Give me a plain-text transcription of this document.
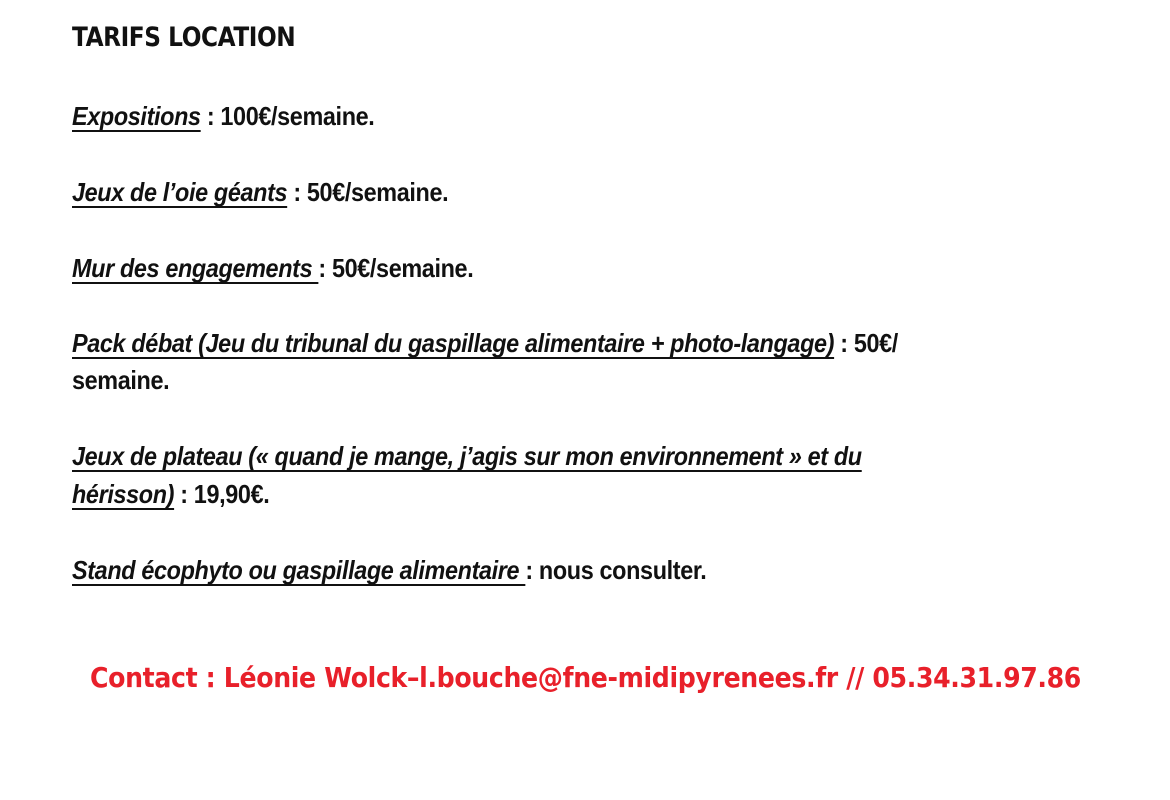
TARIFS LOCATION
Expositions : 100€/semaine.
Jeux de l’oie géants : 50€/semaine.
Mur des engagements : 50€/semaine.
Pack débat (Jeu du tribunal du gaspillage alimentaire + photo-langage) : 50€/
semaine.
Jeux de plateau (« quand je mange, j’agis sur mon environnement » et du
hérisson) : 19,90€.
Stand écophyto ou gaspillage alimentaire : nous consulter.
Contact : Léonie Wolck–l.bouche@fne-midipyrenees.fr // 05.34.31.97.86
